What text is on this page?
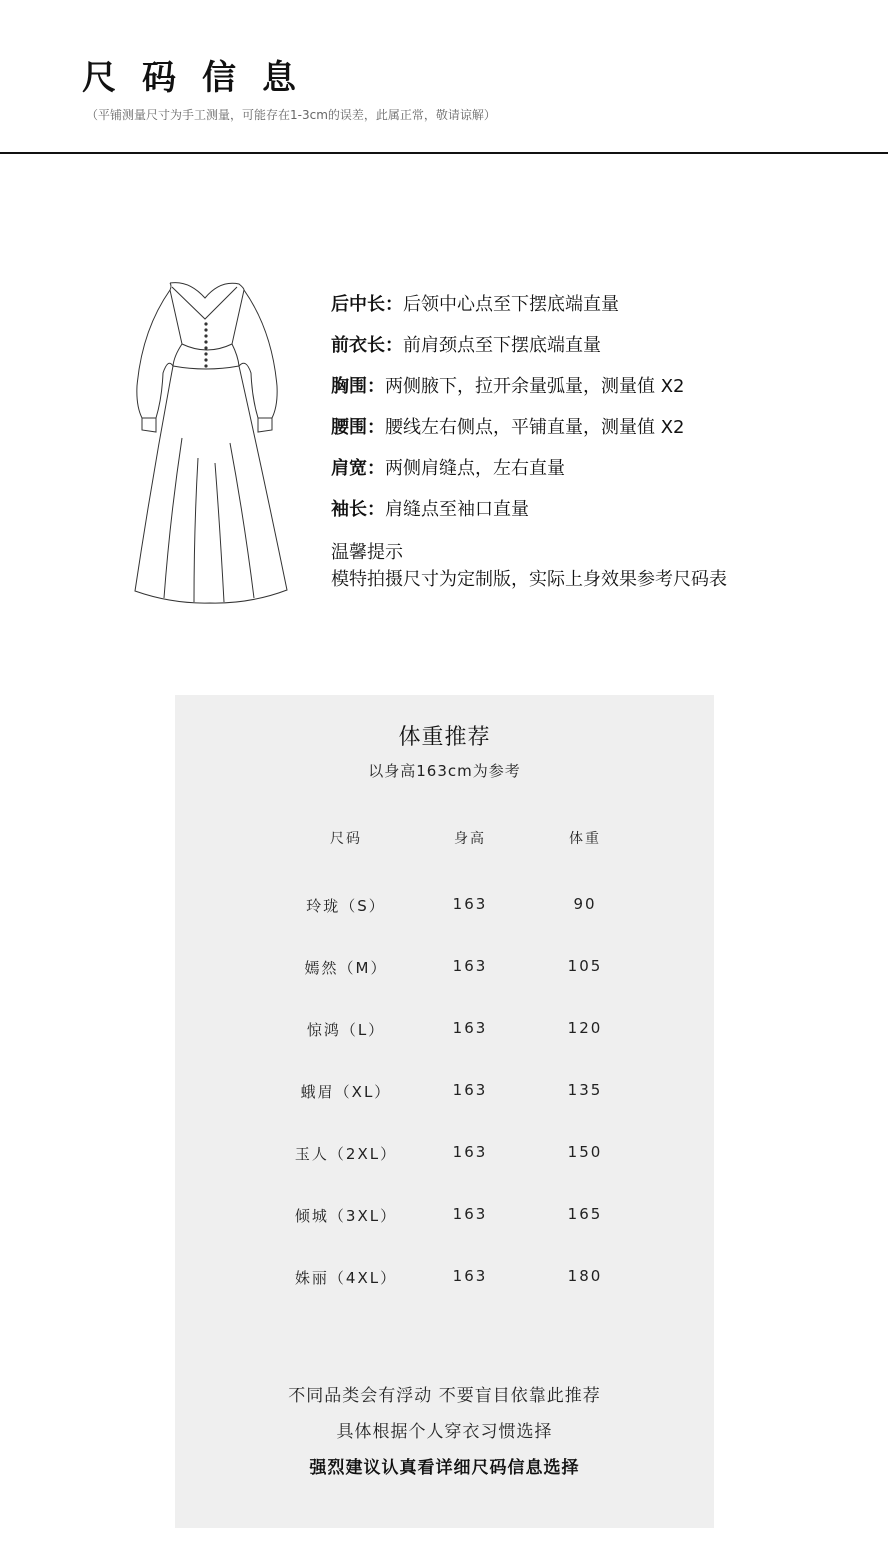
尺码信息
（平铺测量尺寸为手工测量，可能存在1-3cm的误差，此属正常，敬请谅解）
后中长：后领中心点至下摆底端直量
前衣长：前肩颈点至下摆底端直量
胸围：两侧腋下，拉开余量弧量，测量值 X2
腰围：腰线左右侧点，平铺直量，测量值 X2
肩宽：两侧肩缝点，左右直量
袖长：肩缝点至袖口直量
温馨提示
模特拍摄尺寸为定制版，实际上身效果参考尺码表
体重推荐
以身高163cm为参考
尺码	身高	体重
玲珑（S）	163	90
嫣然（M）	163	105
惊鸿（L）	163	120
蛾眉（XL）	163	135
玉人（2XL）	163	150
倾城（3XL）	163	165
姝丽（4XL）	163	180
不同品类会有浮动 不要盲目依靠此推荐
具体根据个人穿衣习惯选择
强烈建议认真看详细尺码信息选择
